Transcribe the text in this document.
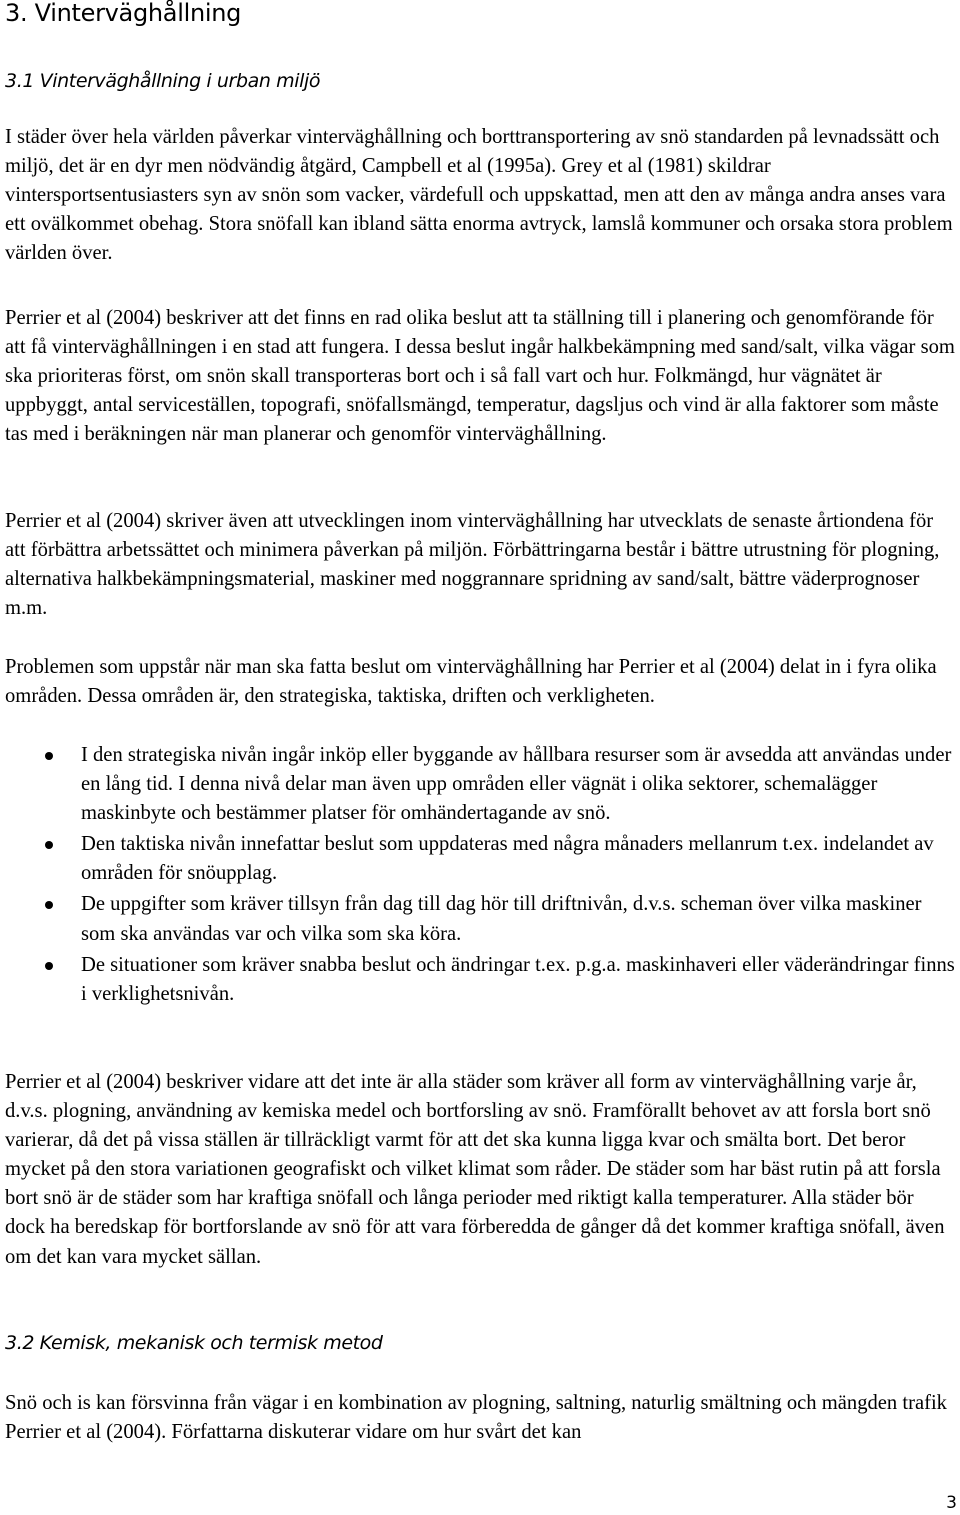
3. Vinterväghållning
3.1 Vinterväghållning i urban miljö

I städer över hela världen påverkar vinterväghållning och borttransportering av snö standarden på levnadssätt och miljö, det är en dyr men nödvändig åtgärd, Campbell et al (1995a). Grey et al (1981) skildrar vintersportsentusiasters syn av snön som vacker, värdefull och uppskattad, men att den av många andra anses vara ett ovälkommet obehag. Stora snöfall kan ibland sätta enorma avtryck, lamslå kommuner och orsaka stora problem världen över.

Perrier et al (2004) beskriver att det finns en rad olika beslut att ta ställning till i planering och genomförande för att få vinterväghållningen i en stad att fungera. I dessa beslut ingår halkbekämpning med sand/salt, vilka vägar som ska prioriteras först, om snön skall transporteras bort och i så fall vart och hur. Folkmängd, hur vägnätet är uppbyggt, antal serviceställen, topografi, snöfallsmängd, temperatur, dagsljus och vind är alla faktorer som måste tas med i beräkningen när man planerar och genomför vinterväghållning.

Perrier et al (2004) skriver även att utvecklingen inom vinterväghållning har utvecklats de senaste årtiondena för att förbättra arbetssättet och minimera påverkan på miljön. Förbättringarna består i bättre utrustning för plogning, alternativa halkbekämpningsmaterial, maskiner med noggrannare spridning av sand/salt, bättre väderprognoser m.m.

Problemen som uppstår när man ska fatta beslut om vinterväghållning har Perrier et al (2004) delat in i fyra olika områden. Dessa områden är, den strategiska, taktiska, driften och verkligheten.

I den strategiska nivån ingår inköp eller byggande av hållbara resurser som är avsedda att användas under en lång tid. I denna nivå delar man även upp områden eller vägnät i olika sektorer, schemalägger maskinbyte och bestämmer platser för omhändertagande av snö.
Den taktiska nivån innefattar beslut som uppdateras med några månaders mellanrum t.ex. indelandet av områden för snöupplag.
De uppgifter som kräver tillsyn från dag till dag hör till driftnivån, d.v.s. scheman över vilka maskiner som ska användas var och vilka som ska köra.
De situationer som kräver snabba beslut och ändringar t.ex. p.g.a. maskinhaveri eller väderändringar finns i verklighetsnivån.

Perrier et al (2004) beskriver vidare att det inte är alla städer som kräver all form av vinterväghållning varje år, d.v.s. plogning, användning av kemiska medel och bortforsling av snö. Framförallt behovet av att forsla bort snö varierar, då det på vissa ställen är tillräckligt varmt för att det ska kunna ligga kvar och smälta bort. Det beror mycket på den stora variationen geografiskt och vilket klimat som råder. De städer som har bäst rutin på att forsla bort snö är de städer som har kraftiga snöfall och långa perioder med riktigt kalla temperaturer. Alla städer bör dock ha beredskap för bortforslande av snö för att vara förberedda de gånger då det kommer kraftiga snöfall, även om det kan vara mycket sällan.

3.2 Kemisk, mekanisk och termisk metod

Snö och is kan försvinna från vägar i en kombination av plogning, saltning, naturlig smältning och mängden trafik Perrier et al (2004). Författarna diskuterar vidare om hur svårt det kan

3
